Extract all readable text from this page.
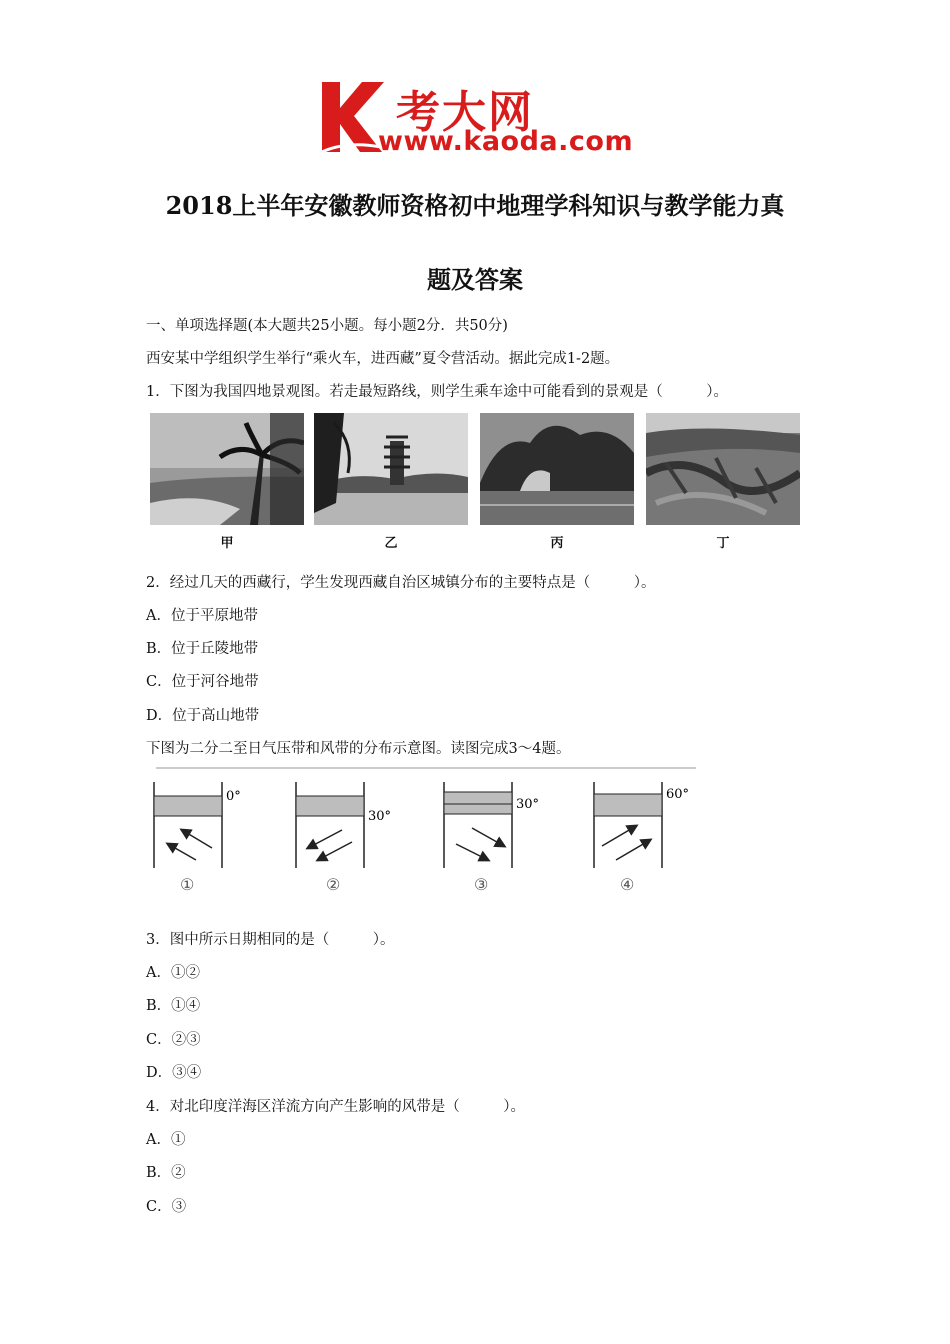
考大网
www.kaoda.com
2018上半年安徽教师资格初中地理学科知识与教学能力真
题及答案
一、单项选择题(本大题共25小题。每小题2分．共50分)
西安某中学组织学生举行“乘火车，进西藏”夏令营活动。据此完成1-2题。
1．下图为我国四地景观图。若走最短路线，则学生乘车途中可能看到的景观是（　　　）。
甲	乙	丙	丁
2．经过几天的西藏行，学生发现西藏自治区城镇分布的主要特点是（　　　）。
A．位于平原地带
B．位于丘陵地带
C．位于河谷地带
D．位于高山地带
下图为二分二至日气压带和风带的分布示意图。读图完成3～4题。
0°
①
30°
②
30°
③
60°
④
3．图中所示日期相同的是（　　　）。
A．①②
B．①④
C．②③
D．③④
4．对北印度洋海区洋流方向产生影响的风带是（　　　）。
A．①
B．②
C．③
